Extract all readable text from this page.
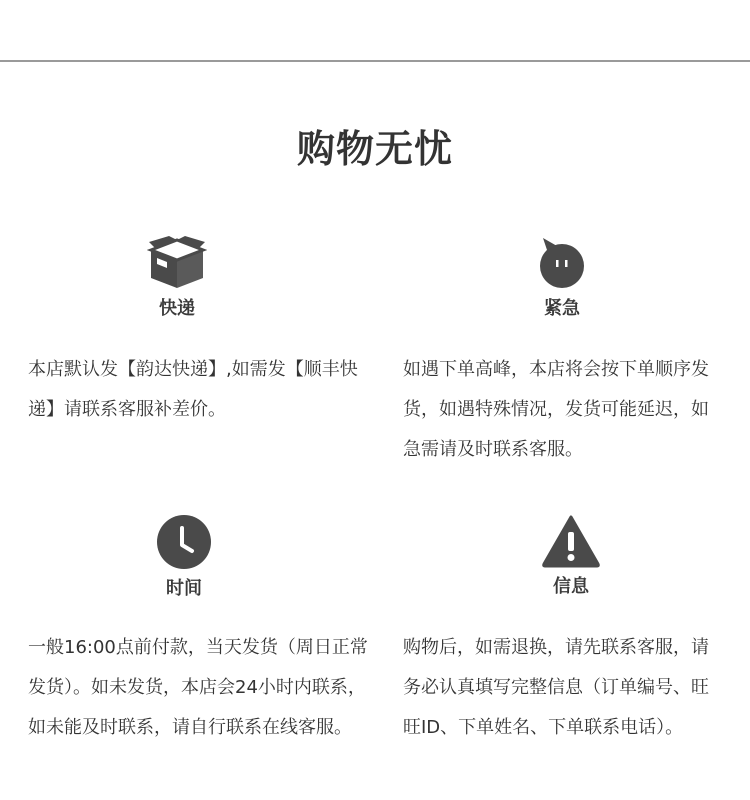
购物无忧
快递
本店默认发【韵达快递】,如需发【顺丰快递】请联系客服补差价。
紧急
如遇下单高峰，本店将会按下单顺序发货，如遇特殊情况，发货可能延迟，如急需请及时联系客服。
时间
一般16:00点前付款，当天发货（周日正常发货）。如未发货，本店会24小时内联系，如未能及时联系，请自行联系在线客服。
信息
购物后，如需退换，请先联系客服，请务必认真填写完整信息（订单编号、旺旺ID、下单姓名、下单联系电话）。
